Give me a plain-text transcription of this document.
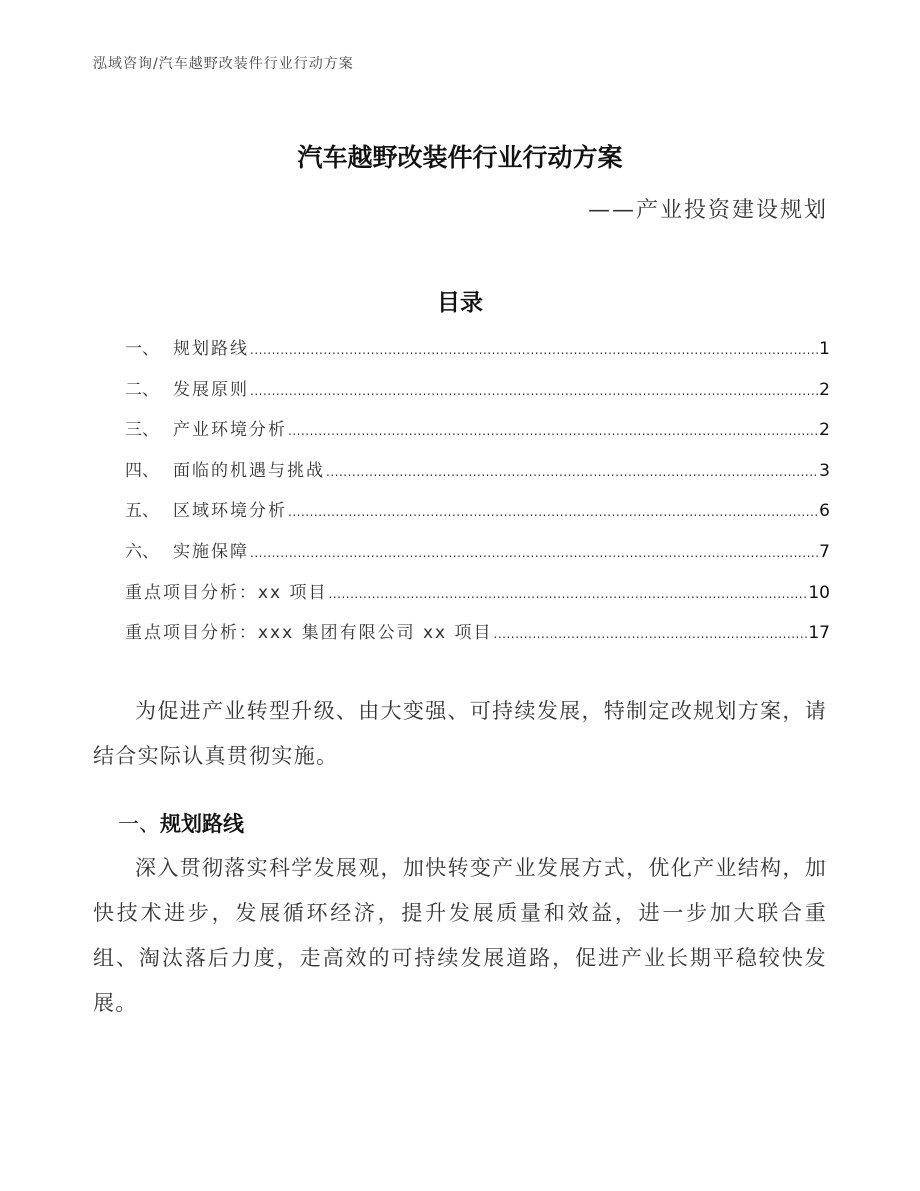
泓域咨询/汽车越野改装件行业行动方案
汽车越野改装件行业行动方案
——产业投资建设规划
目录
一、 规划路线 .....	1
二、 发展原则 .....	2
三、 产业环境分析 .....	2
四、 面临的机遇与挑战 .....	3
五、 区域环境分析 .....	6
六、 实施保障 .....	7
重点项目分析：xx 项目 .....	10
重点项目分析：xxx 集团有限公司 xx 项目 .....	17

为促进产业转型升级、由大变强、可持续发展，特制定改规划方案，请结合实际认真贯彻实施。

一、规划路线

深入贯彻落实科学发展观，加快转变产业发展方式，优化产业结构，加快技术进步，发展循环经济，提升发展质量和效益，进一步加大联合重组、淘汰落后力度，走高效的可持续发展道路，促进产业长期平稳较快发展。
